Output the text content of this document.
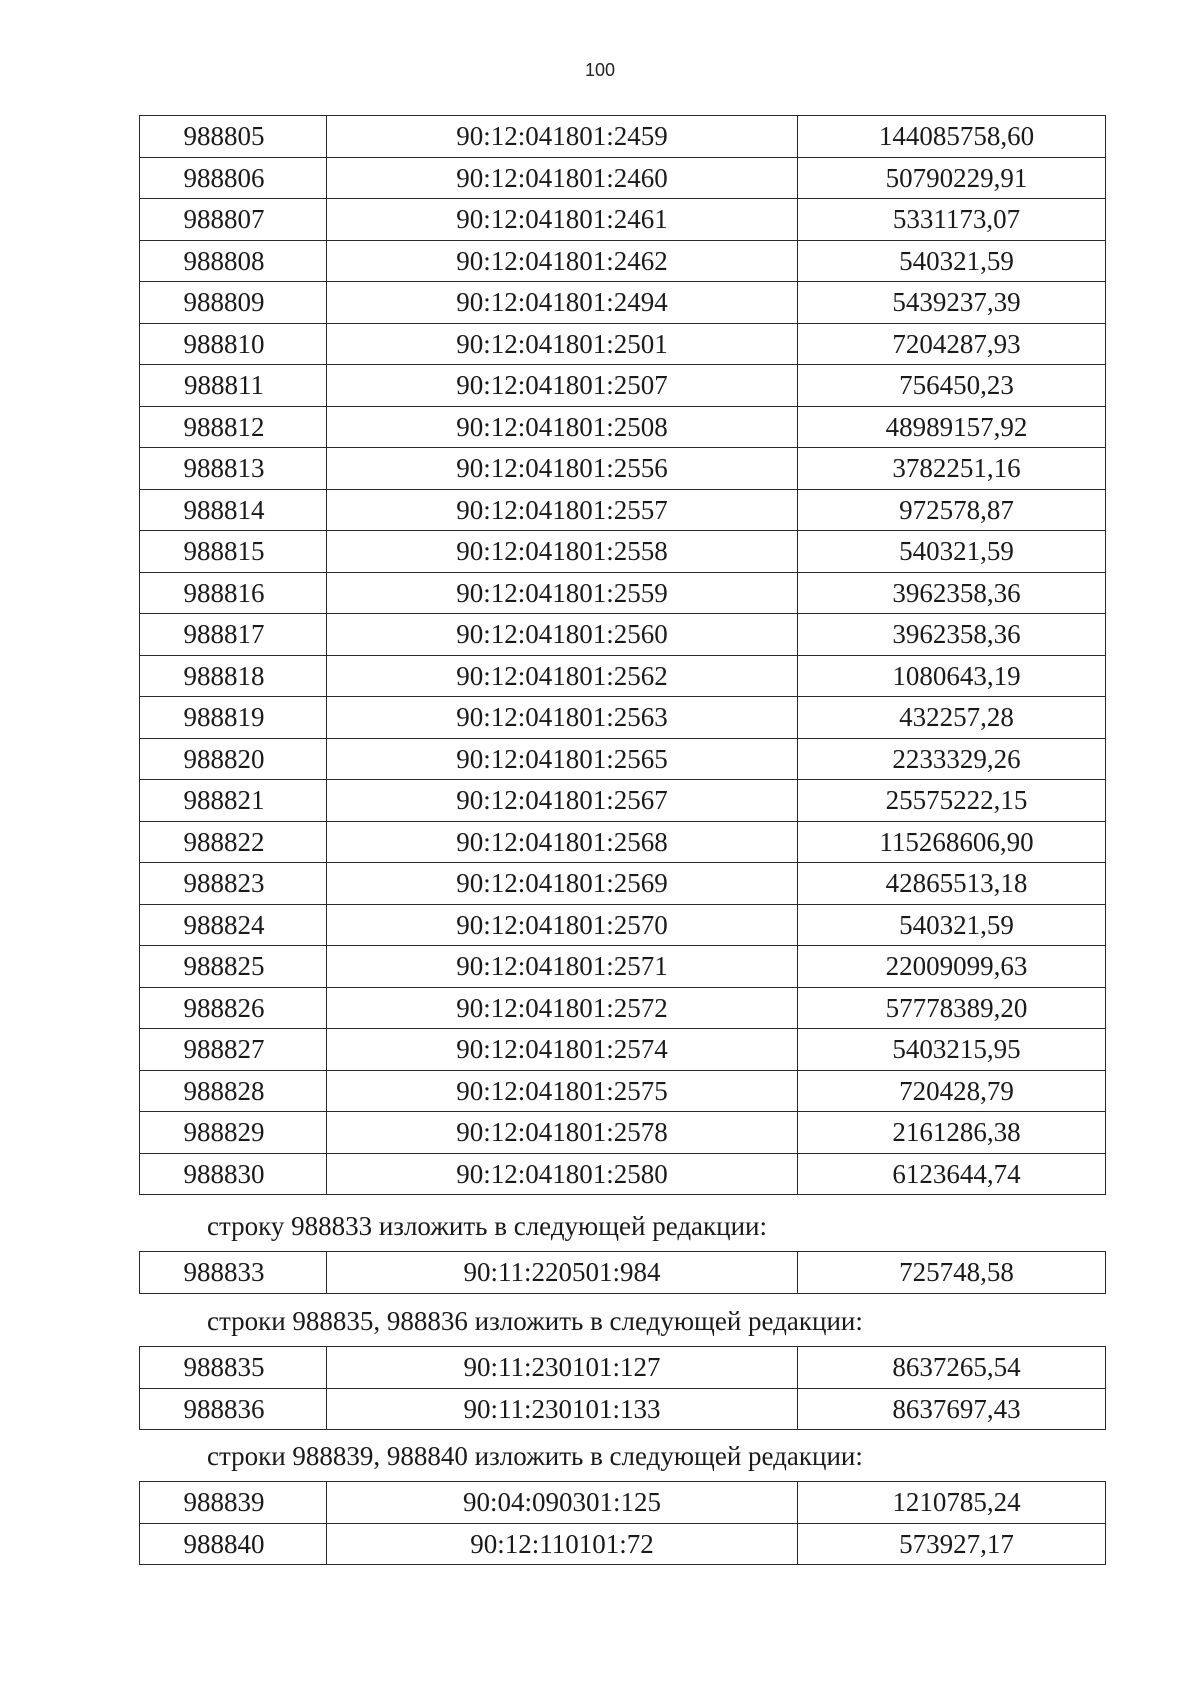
100
988805	90:12:041801:2459	144085758,60
988806	90:12:041801:2460	50790229,91
988807	90:12:041801:2461	5331173,07
988808	90:12:041801:2462	540321,59
988809	90:12:041801:2494	5439237,39
988810	90:12:041801:2501	7204287,93
988811	90:12:041801:2507	756450,23
988812	90:12:041801:2508	48989157,92
988813	90:12:041801:2556	3782251,16
988814	90:12:041801:2557	972578,87
988815	90:12:041801:2558	540321,59
988816	90:12:041801:2559	3962358,36
988817	90:12:041801:2560	3962358,36
988818	90:12:041801:2562	1080643,19
988819	90:12:041801:2563	432257,28
988820	90:12:041801:2565	2233329,26
988821	90:12:041801:2567	25575222,15
988822	90:12:041801:2568	115268606,90
988823	90:12:041801:2569	42865513,18
988824	90:12:041801:2570	540321,59
988825	90:12:041801:2571	22009099,63
988826	90:12:041801:2572	57778389,20
988827	90:12:041801:2574	5403215,95
988828	90:12:041801:2575	720428,79
988829	90:12:041801:2578	2161286,38
988830	90:12:041801:2580	6123644,74
строку 988833 изложить в следующей редакции:
988833	90:11:220501:984	725748,58
строки 988835, 988836 изложить в следующей редакции:
988835	90:11:230101:127	8637265,54
988836	90:11:230101:133	8637697,43
строки 988839, 988840 изложить в следующей редакции:
988839	90:04:090301:125	1210785,24
988840	90:12:110101:72	573927,17
